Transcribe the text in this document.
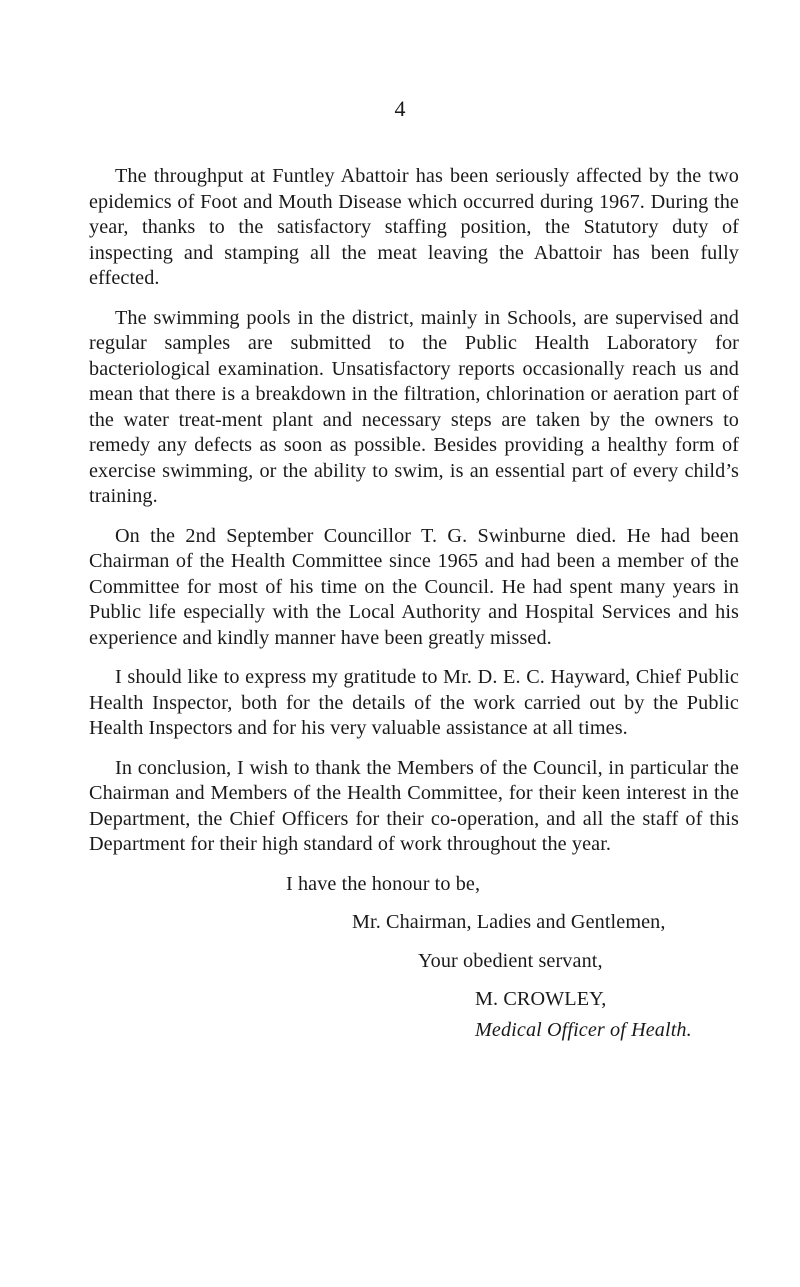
4

The throughput at Funtley Abattoir has been seriously affected by the two epidemics of Foot and Mouth Disease which occurred during 1967. During the year, thanks to the satisfactory staffing position, the Statutory duty of inspecting and stamping all the meat leaving the Abattoir has been fully effected.

The swimming pools in the district, mainly in Schools, are supervised and regular samples are submitted to the Public Health Laboratory for bacteriological examination. Unsatisfactory reports occasionally reach us and mean that there is a breakdown in the filtration, chlorination or aeration part of the water treat-ment plant and necessary steps are taken by the owners to remedy any defects as soon as possible. Besides providing a healthy form of exercise swimming, or the ability to swim, is an essential part of every child’s training.

On the 2nd September Councillor T. G. Swinburne died. He had been Chairman of the Health Committee since 1965 and had been a member of the Committee for most of his time on the Council. He had spent many years in Public life especially with the Local Authority and Hospital Services and his experience and kindly manner have been greatly missed.

I should like to express my gratitude to Mr. D. E. C. Hayward, Chief Public Health Inspector, both for the details of the work carried out by the Public Health Inspectors and for his very valuable assistance at all times.

In conclusion, I wish to thank the Members of the Council, in particular the Chairman and Members of the Health Committee, for their keen interest in the Department, the Chief Officers for their co-operation, and all the staff of this Department for their high standard of work throughout the year.

I have the honour to be,

Mr. Chairman, Ladies and Gentlemen,

Your obedient servant,

M. CROWLEY,

Medical Officer of Health.
